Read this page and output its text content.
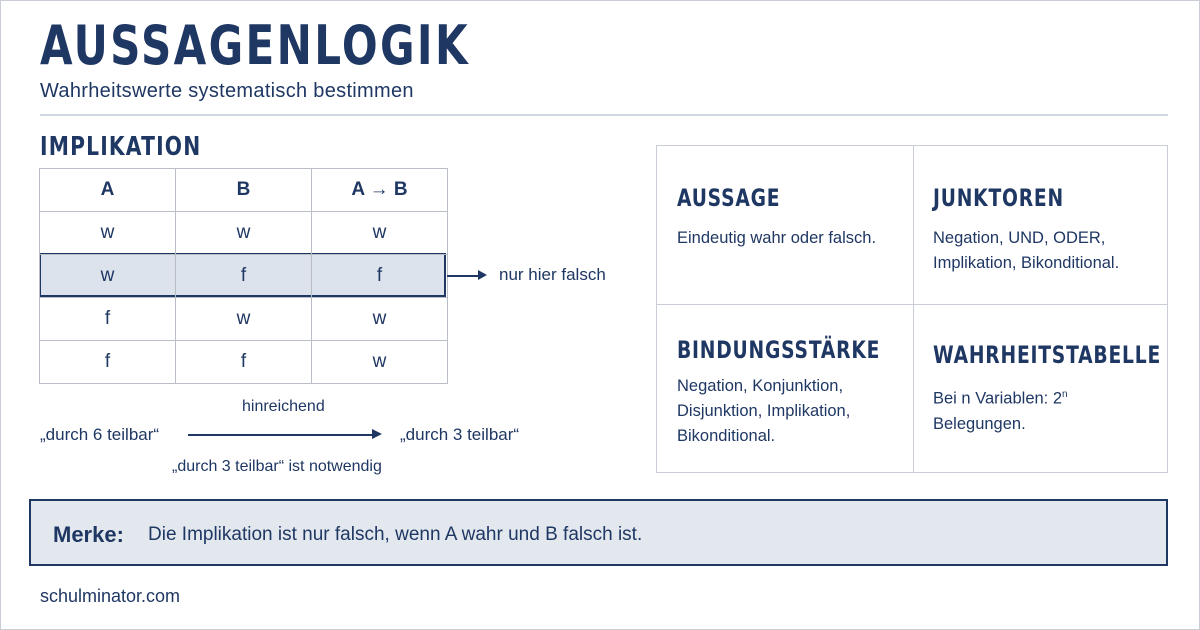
AUSSAGENLOGIK
Wahrheitswerte systematisch bestimmen
IMPLIKATION
A	B	A → B
w	w	w
w	f	f
f	w	w
f	f	w
nur hier falsch
hinreichend
„durch 6 teilbar“	„durch 3 teilbar“
„durch 3 teilbar“ ist notwendig
AUSSAGE
Eindeutig wahr oder falsch.
JUNKTOREN
Negation, UND, ODER,
Implikation, Bikonditional.
BINDUNGSSTÄRKE
Negation, Konjunktion,
Disjunktion, Implikation,
Bikonditional.
WAHRHEITSTABELLE
Bei n Variablen: 2$^n$
Belegungen.
Merke: Die Implikation ist nur falsch, wenn A wahr und B falsch ist.
schulminator.com
